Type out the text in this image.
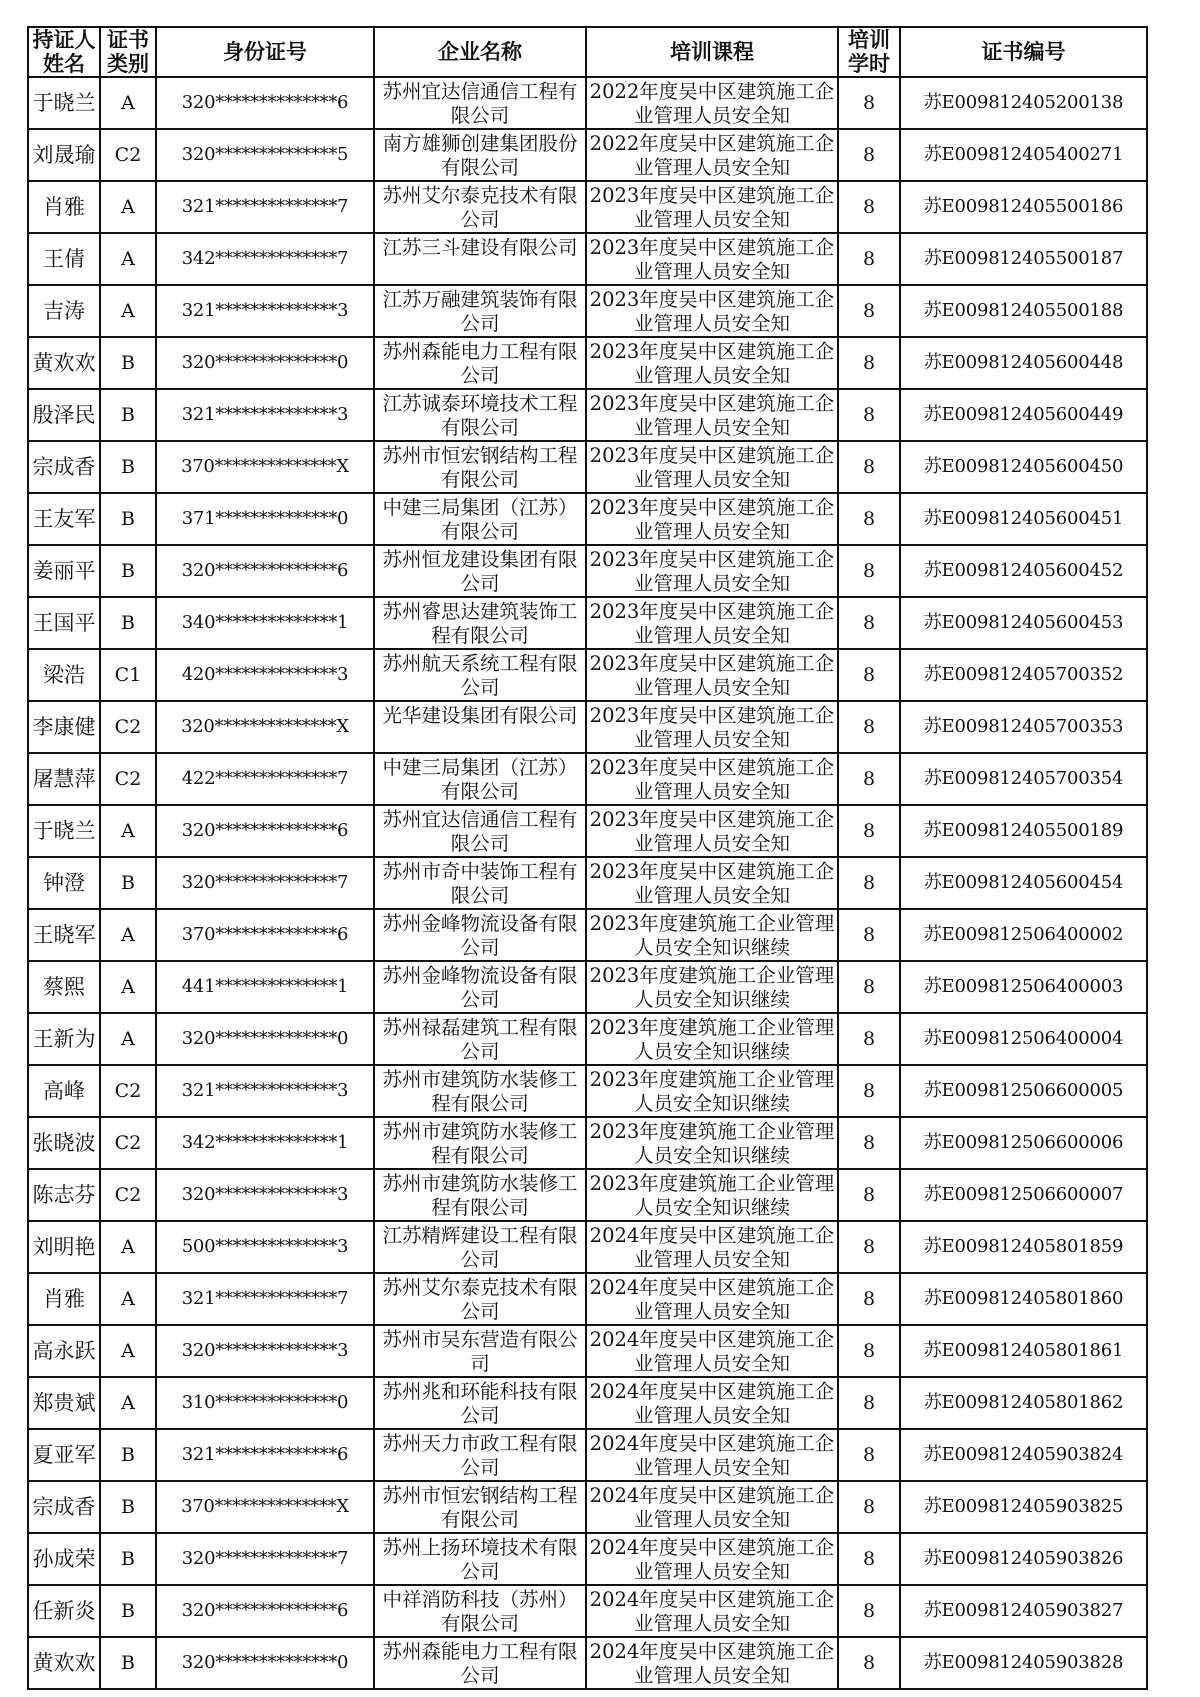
持证人姓名	证书类别	身份证号	企业名称	培训课程	培训学时	证书编号
于晓兰	A	320**************6	苏州宜达信通信工程有限公司	2022年度吴中区建筑施工企业管理人员安全知	8	苏E009812405200138
刘晟瑜	C2	320**************5	南方雄狮创建集团股份有限公司	2022年度吴中区建筑施工企业管理人员安全知	8	苏E009812405400271
肖雅	A	321**************7	苏州艾尔泰克技术有限公司	2023年度吴中区建筑施工企业管理人员安全知	8	苏E009812405500186
王倩	A	342**************7	江苏三斗建设有限公司	2023年度吴中区建筑施工企业管理人员安全知	8	苏E009812405500187
吉涛	A	321**************3	江苏万融建筑装饰有限公司	2023年度吴中区建筑施工企业管理人员安全知	8	苏E009812405500188
黄欢欢	B	320**************0	苏州森能电力工程有限公司	2023年度吴中区建筑施工企业管理人员安全知	8	苏E009812405600448
殷泽民	B	321**************3	江苏诚泰环境技术工程有限公司	2023年度吴中区建筑施工企业管理人员安全知	8	苏E009812405600449
宗成香	B	370**************X	苏州市恒宏钢结构工程有限公司	2023年度吴中区建筑施工企业管理人员安全知	8	苏E009812405600450
王友军	B	371**************0	中建三局集团（江苏）有限公司	2023年度吴中区建筑施工企业管理人员安全知	8	苏E009812405600451
姜丽平	B	320**************6	苏州恒龙建设集团有限公司	2023年度吴中区建筑施工企业管理人员安全知	8	苏E009812405600452
王国平	B	340**************1	苏州睿思达建筑装饰工程有限公司	2023年度吴中区建筑施工企业管理人员安全知	8	苏E009812405600453
梁浩	C1	420**************3	苏州航天系统工程有限公司	2023年度吴中区建筑施工企业管理人员安全知	8	苏E009812405700352
李康健	C2	320**************X	光华建设集团有限公司	2023年度吴中区建筑施工企业管理人员安全知	8	苏E009812405700353
屠慧萍	C2	422**************7	中建三局集团（江苏）有限公司	2023年度吴中区建筑施工企业管理人员安全知	8	苏E009812405700354
于晓兰	A	320**************6	苏州宜达信通信工程有限公司	2023年度吴中区建筑施工企业管理人员安全知	8	苏E009812405500189
钟澄	B	320**************7	苏州市奇中装饰工程有限公司	2023年度吴中区建筑施工企业管理人员安全知	8	苏E009812405600454
王晓军	A	370**************6	苏州金峰物流设备有限公司	2023年度建筑施工企业管理人员安全知识继续	8	苏E009812506400002
蔡熙	A	441**************1	苏州金峰物流设备有限公司	2023年度建筑施工企业管理人员安全知识继续	8	苏E009812506400003
王新为	A	320**************0	苏州禄磊建筑工程有限公司	2023年度建筑施工企业管理人员安全知识继续	8	苏E009812506400004
高峰	C2	321**************3	苏州市建筑防水装修工程有限公司	2023年度建筑施工企业管理人员安全知识继续	8	苏E009812506600005
张晓波	C2	342**************1	苏州市建筑防水装修工程有限公司	2023年度建筑施工企业管理人员安全知识继续	8	苏E009812506600006
陈志芬	C2	320**************3	苏州市建筑防水装修工程有限公司	2023年度建筑施工企业管理人员安全知识继续	8	苏E009812506600007
刘明艳	A	500**************3	江苏精辉建设工程有限公司	2024年度吴中区建筑施工企业管理人员安全知	8	苏E009812405801859
肖雅	A	321**************7	苏州艾尔泰克技术有限公司	2024年度吴中区建筑施工企业管理人员安全知	8	苏E009812405801860
高永跃	A	320**************3	苏州市吴东营造有限公司	2024年度吴中区建筑施工企业管理人员安全知	8	苏E009812405801861
郑贵斌	A	310**************0	苏州兆和环能科技有限公司	2024年度吴中区建筑施工企业管理人员安全知	8	苏E009812405801862
夏亚军	B	321**************6	苏州天力市政工程有限公司	2024年度吴中区建筑施工企业管理人员安全知	8	苏E009812405903824
宗成香	B	370**************X	苏州市恒宏钢结构工程有限公司	2024年度吴中区建筑施工企业管理人员安全知	8	苏E009812405903825
孙成荣	B	320**************7	苏州上扬环境技术有限公司	2024年度吴中区建筑施工企业管理人员安全知	8	苏E009812405903826
任新炎	B	320**************6	中祥消防科技（苏州）有限公司	2024年度吴中区建筑施工企业管理人员安全知	8	苏E009812405903827
黄欢欢	B	320**************0	苏州森能电力工程有限公司	2024年度吴中区建筑施工企业管理人员安全知	8	苏E009812405903828
